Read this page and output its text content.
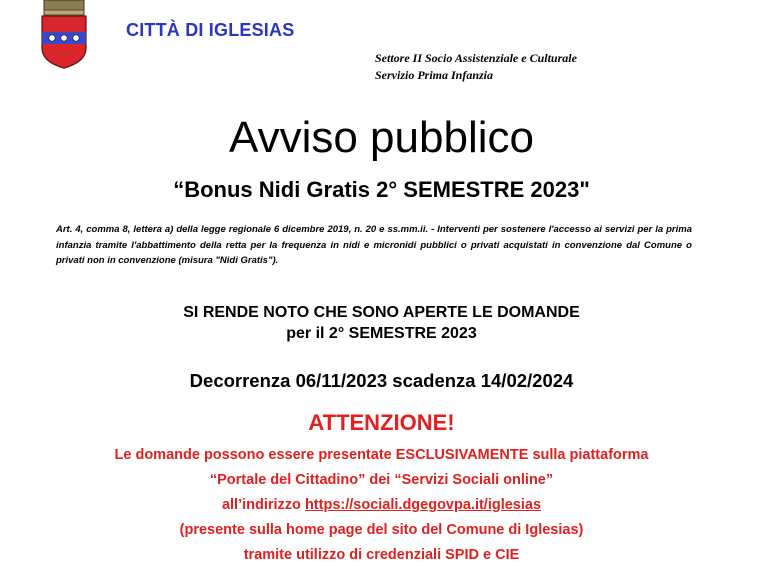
CITTÀ DI IGLESIAS
Settore II Socio Assistenziale e Culturale
Servizio Prima Infanzia
Avviso pubblico
“Bonus Nidi Gratis 2° SEMESTRE 2023"
Art. 4, comma 8, lettera a) della legge regionale 6 dicembre 2019, n. 20 e ss.mm.ii. - Interventi per sostenere l'accesso ai servizi per la prima infanzia tramite l'abbattimento della retta per la frequenza in nidi e micronidi pubblici o privati acquistati in convenzione dal Comune o privati non in convenzione (misura "Nidi Gratis").
SI RENDE NOTO CHE SONO APERTE LE DOMANDE
per il 2° SEMESTRE 2023
Decorrenza 06/11/2023 scadenza 14/02/2024
ATTENZIONE!
Le domande possono essere presentate ESCLUSIVAMENTE sulla piattaforma
“Portale del Cittadino” dei “Servizi Sociali online”
all’indirizzo https://sociali.dgegovpa.it/iglesias
(presente sulla home page del sito del Comune di Iglesias)
tramite utilizzo di credenziali SPID e CIE
